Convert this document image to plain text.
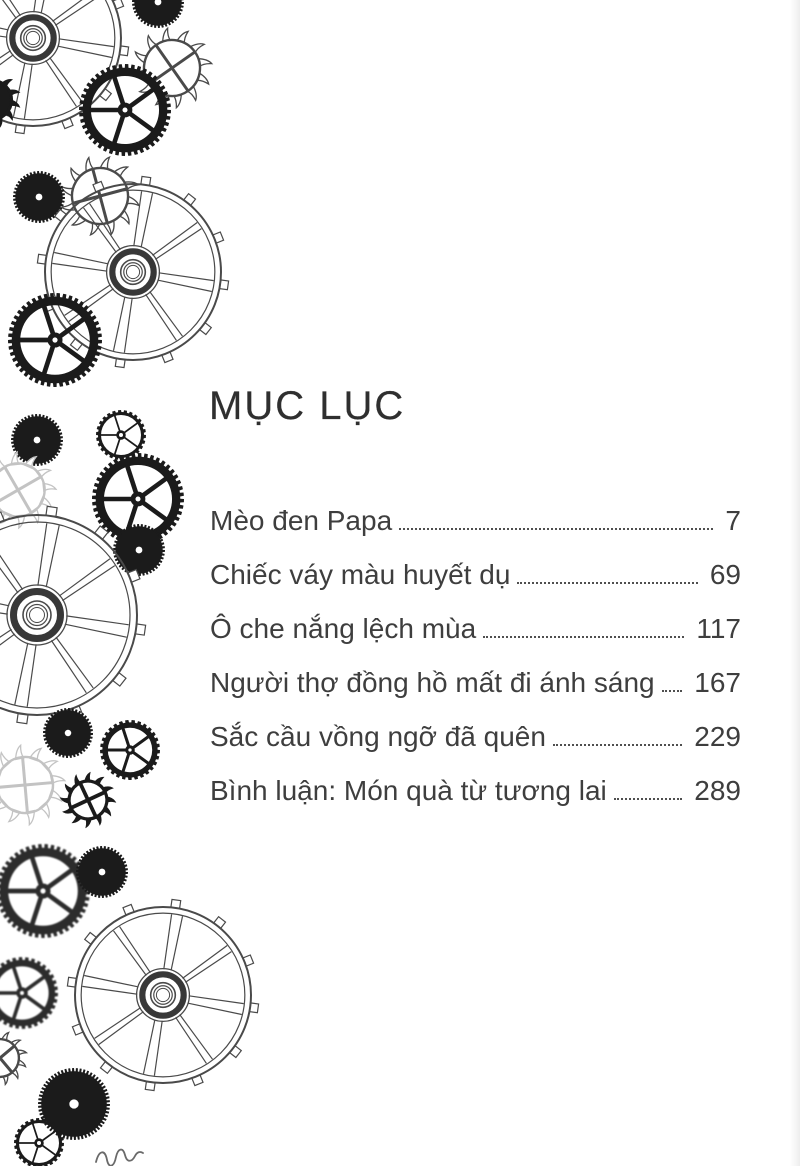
MỤC LỤC
Mèo đen Papa	7
Chiếc váy màu huyết dụ	69
Ô che nắng lệch mùa	117
Người thợ đồng hồ mất đi ánh sáng 167
Sắc cầu vồng ngỡ đã quên	229
Bình luận: Món quà từ tương lai	289
